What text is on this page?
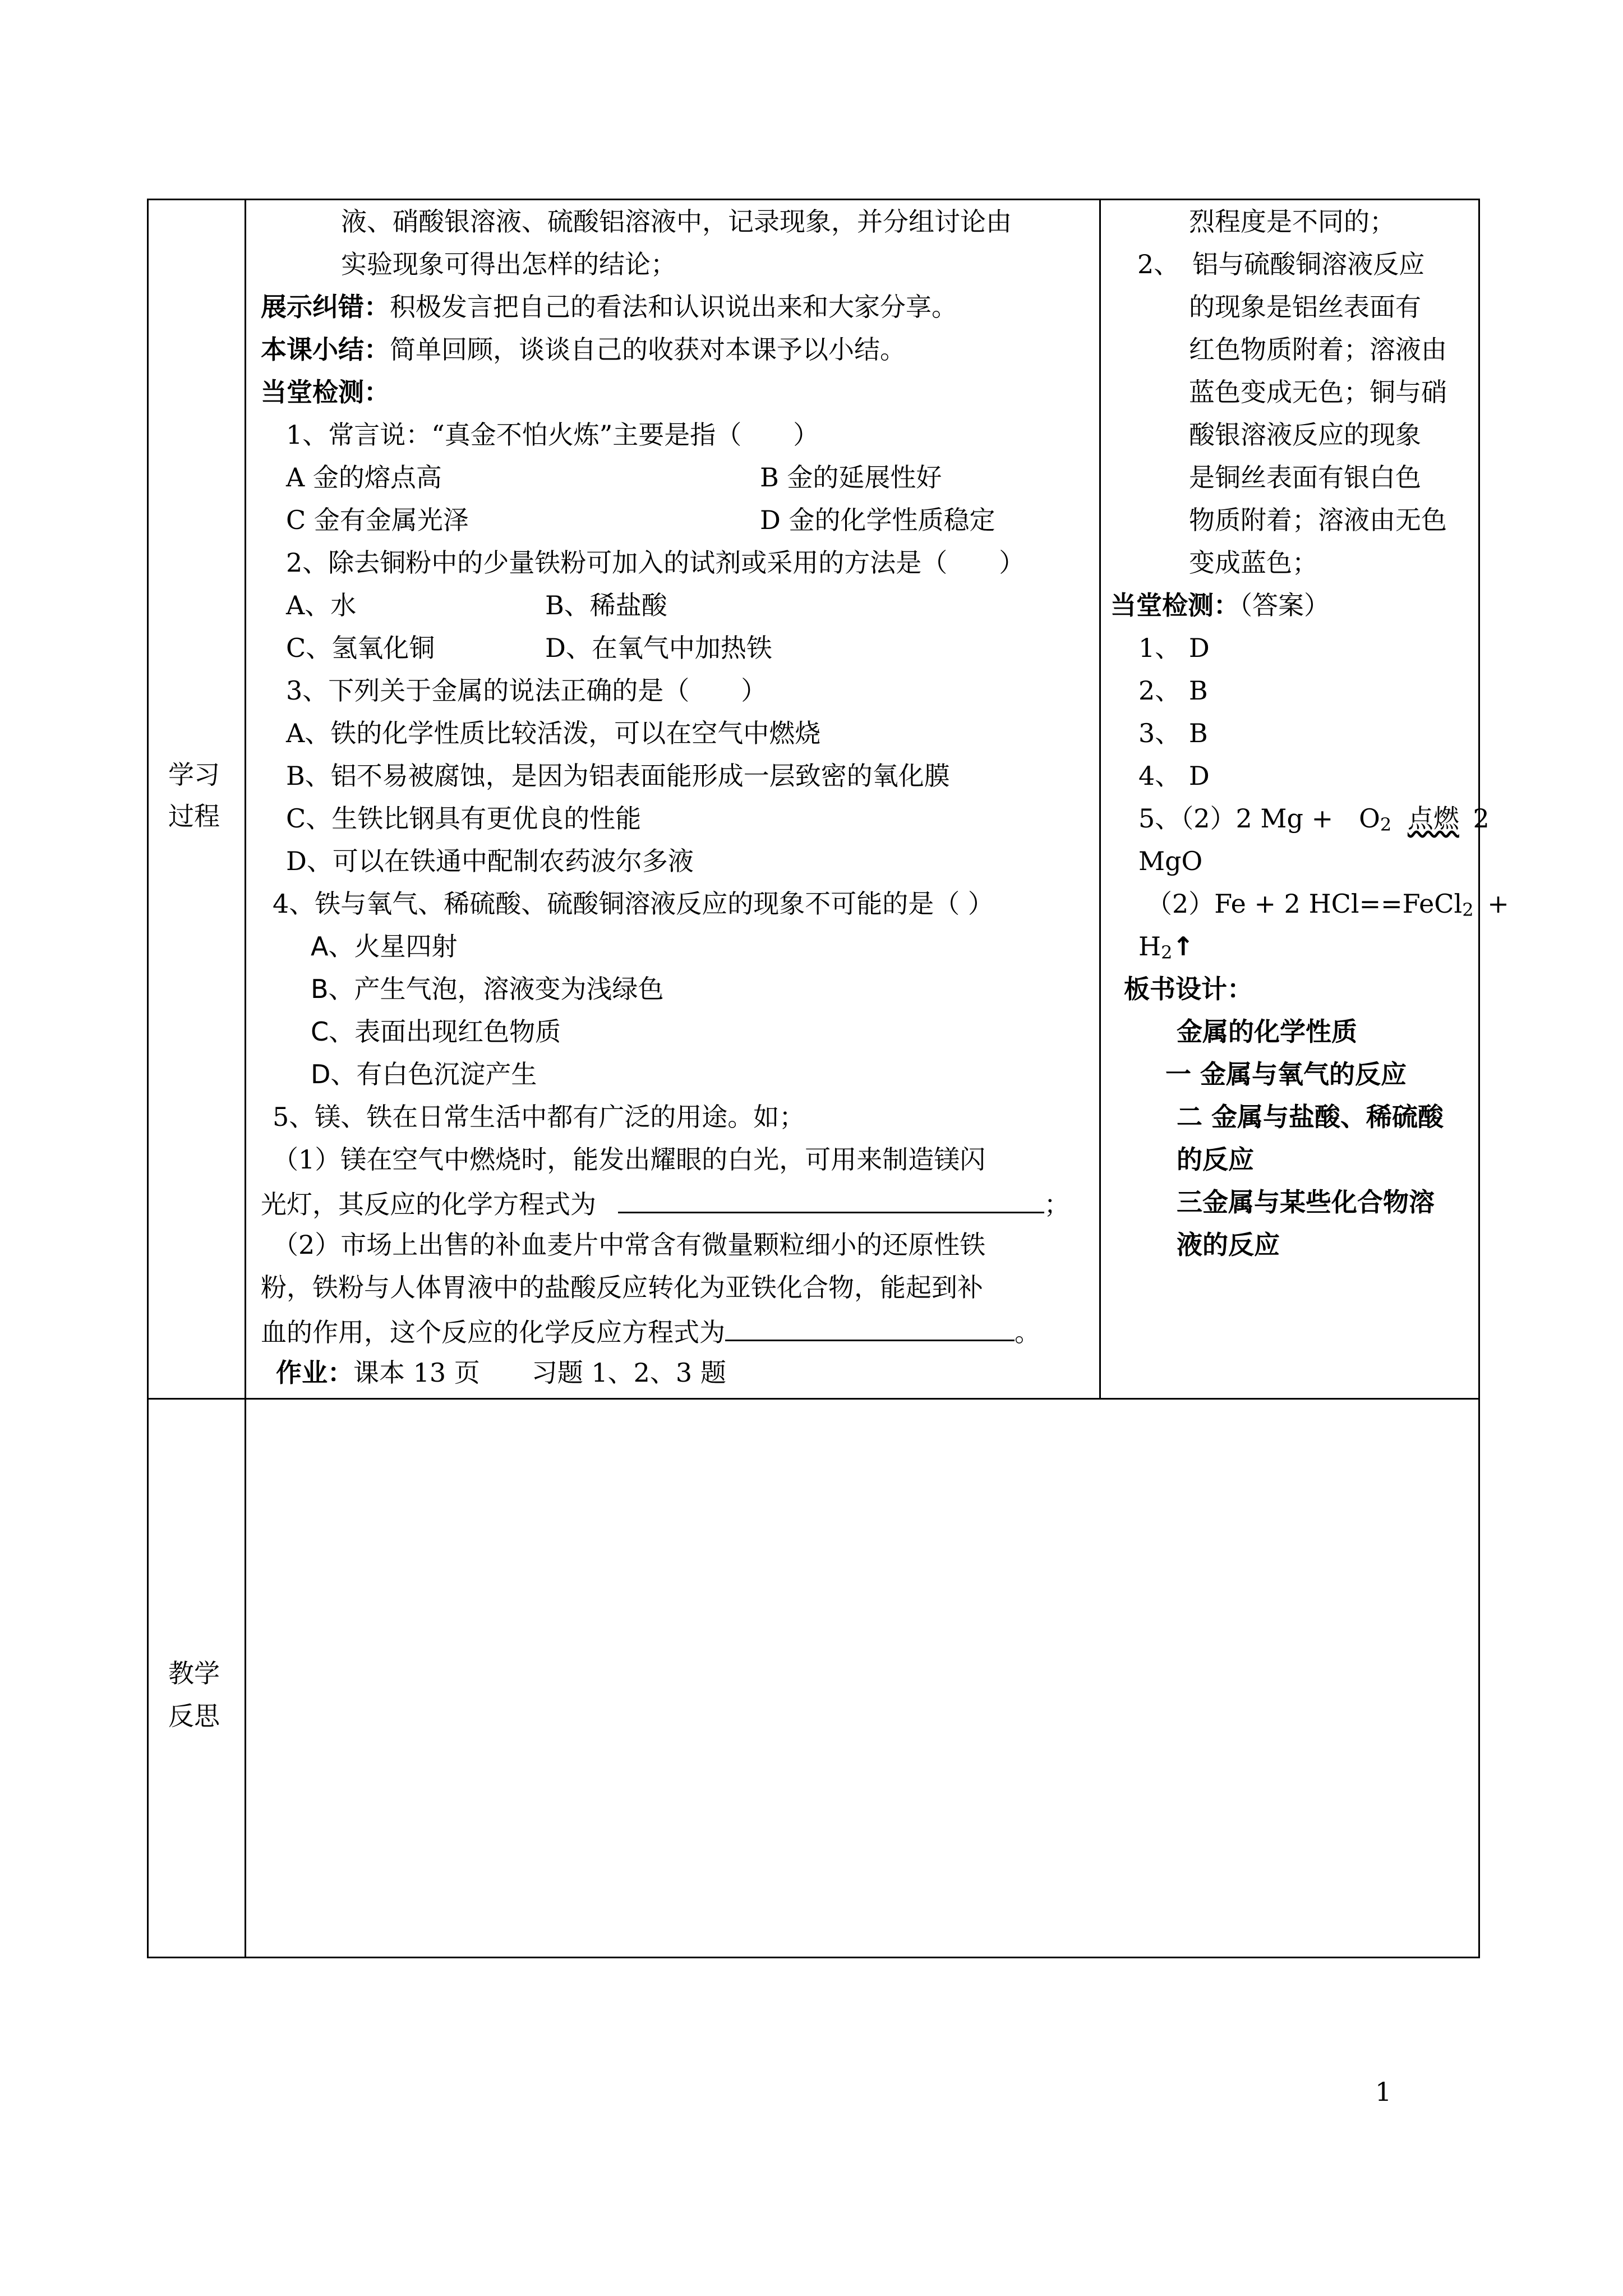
学习
过程
教学
反思
液、硝酸银溶液、硫酸铝溶液中，记录现象，并分组讨论由
实验现象可得出怎样的结论；
展示纠错：积极发言把自己的看法和认识说出来和大家分享。
本课小结：简单回顾，谈谈自己的收获对本课予以小结。
当堂检测：
1、常言说：“真金不怕火炼”主要是指（　　）
A 金的熔点高	B 金的延展性好
C 金有金属光泽	D 金的化学性质稳定
2、除去铜粉中的少量铁粉可加入的试剂或采用的方法是（　　）
A、水	B、稀盐酸
C、氢氧化铜	D、在氧气中加热铁
3、下列关于金属的说法正确的是（　　）
A、铁的化学性质比较活泼，可以在空气中燃烧
B、铝不易被腐蚀，是因为铝表面能形成一层致密的氧化膜
C、生铁比钢具有更优良的性能
D、可以在铁通中配制农药波尔多液
4、铁与氧气、稀硫酸、硫酸铜溶液反应的现象不可能的是（ ）
A、火星四射
B、产生气泡，溶液变为浅绿色
C、表面出现红色物质
D、有白色沉淀产生
5、镁、铁在日常生活中都有广泛的用途。如；
（1）镁在空气中燃烧时，能发出耀眼的白光，可用来制造镁闪
光灯，其反应的化学方程式为	；
（2）市场上出售的补血麦片中常含有微量颗粒细小的还原性铁
粉，铁粉与人体胃液中的盐酸反应转化为亚铁化合物，能起到补
血的作用，这个反应的化学反应方程式为	。
作业：课本 13 页　　习题 1、2、3 题
烈程度是不同的；
2、　铝与硫酸铜溶液反应
的现象是铝丝表面有
红色物质附着；溶液由
蓝色变成无色；铜与硝
酸银溶液反应的现象
是铜丝表面有银白色
物质附着；溶液由无色
变成蓝色；
当堂检测：（答案）
1、 D
2、 B
3、 B
4、 D
5、（2）2 Mg +　$O_2$ 点燃 2
MgO
（2）Fe + 2 HCl==FeCl$_2$ +
$H_2↑$
板书设计：
金属的化学性质
一 金属与氧气的反应
二 金属与盐酸、稀硫酸
的反应
三金属与某些化合物溶
液的反应
1
